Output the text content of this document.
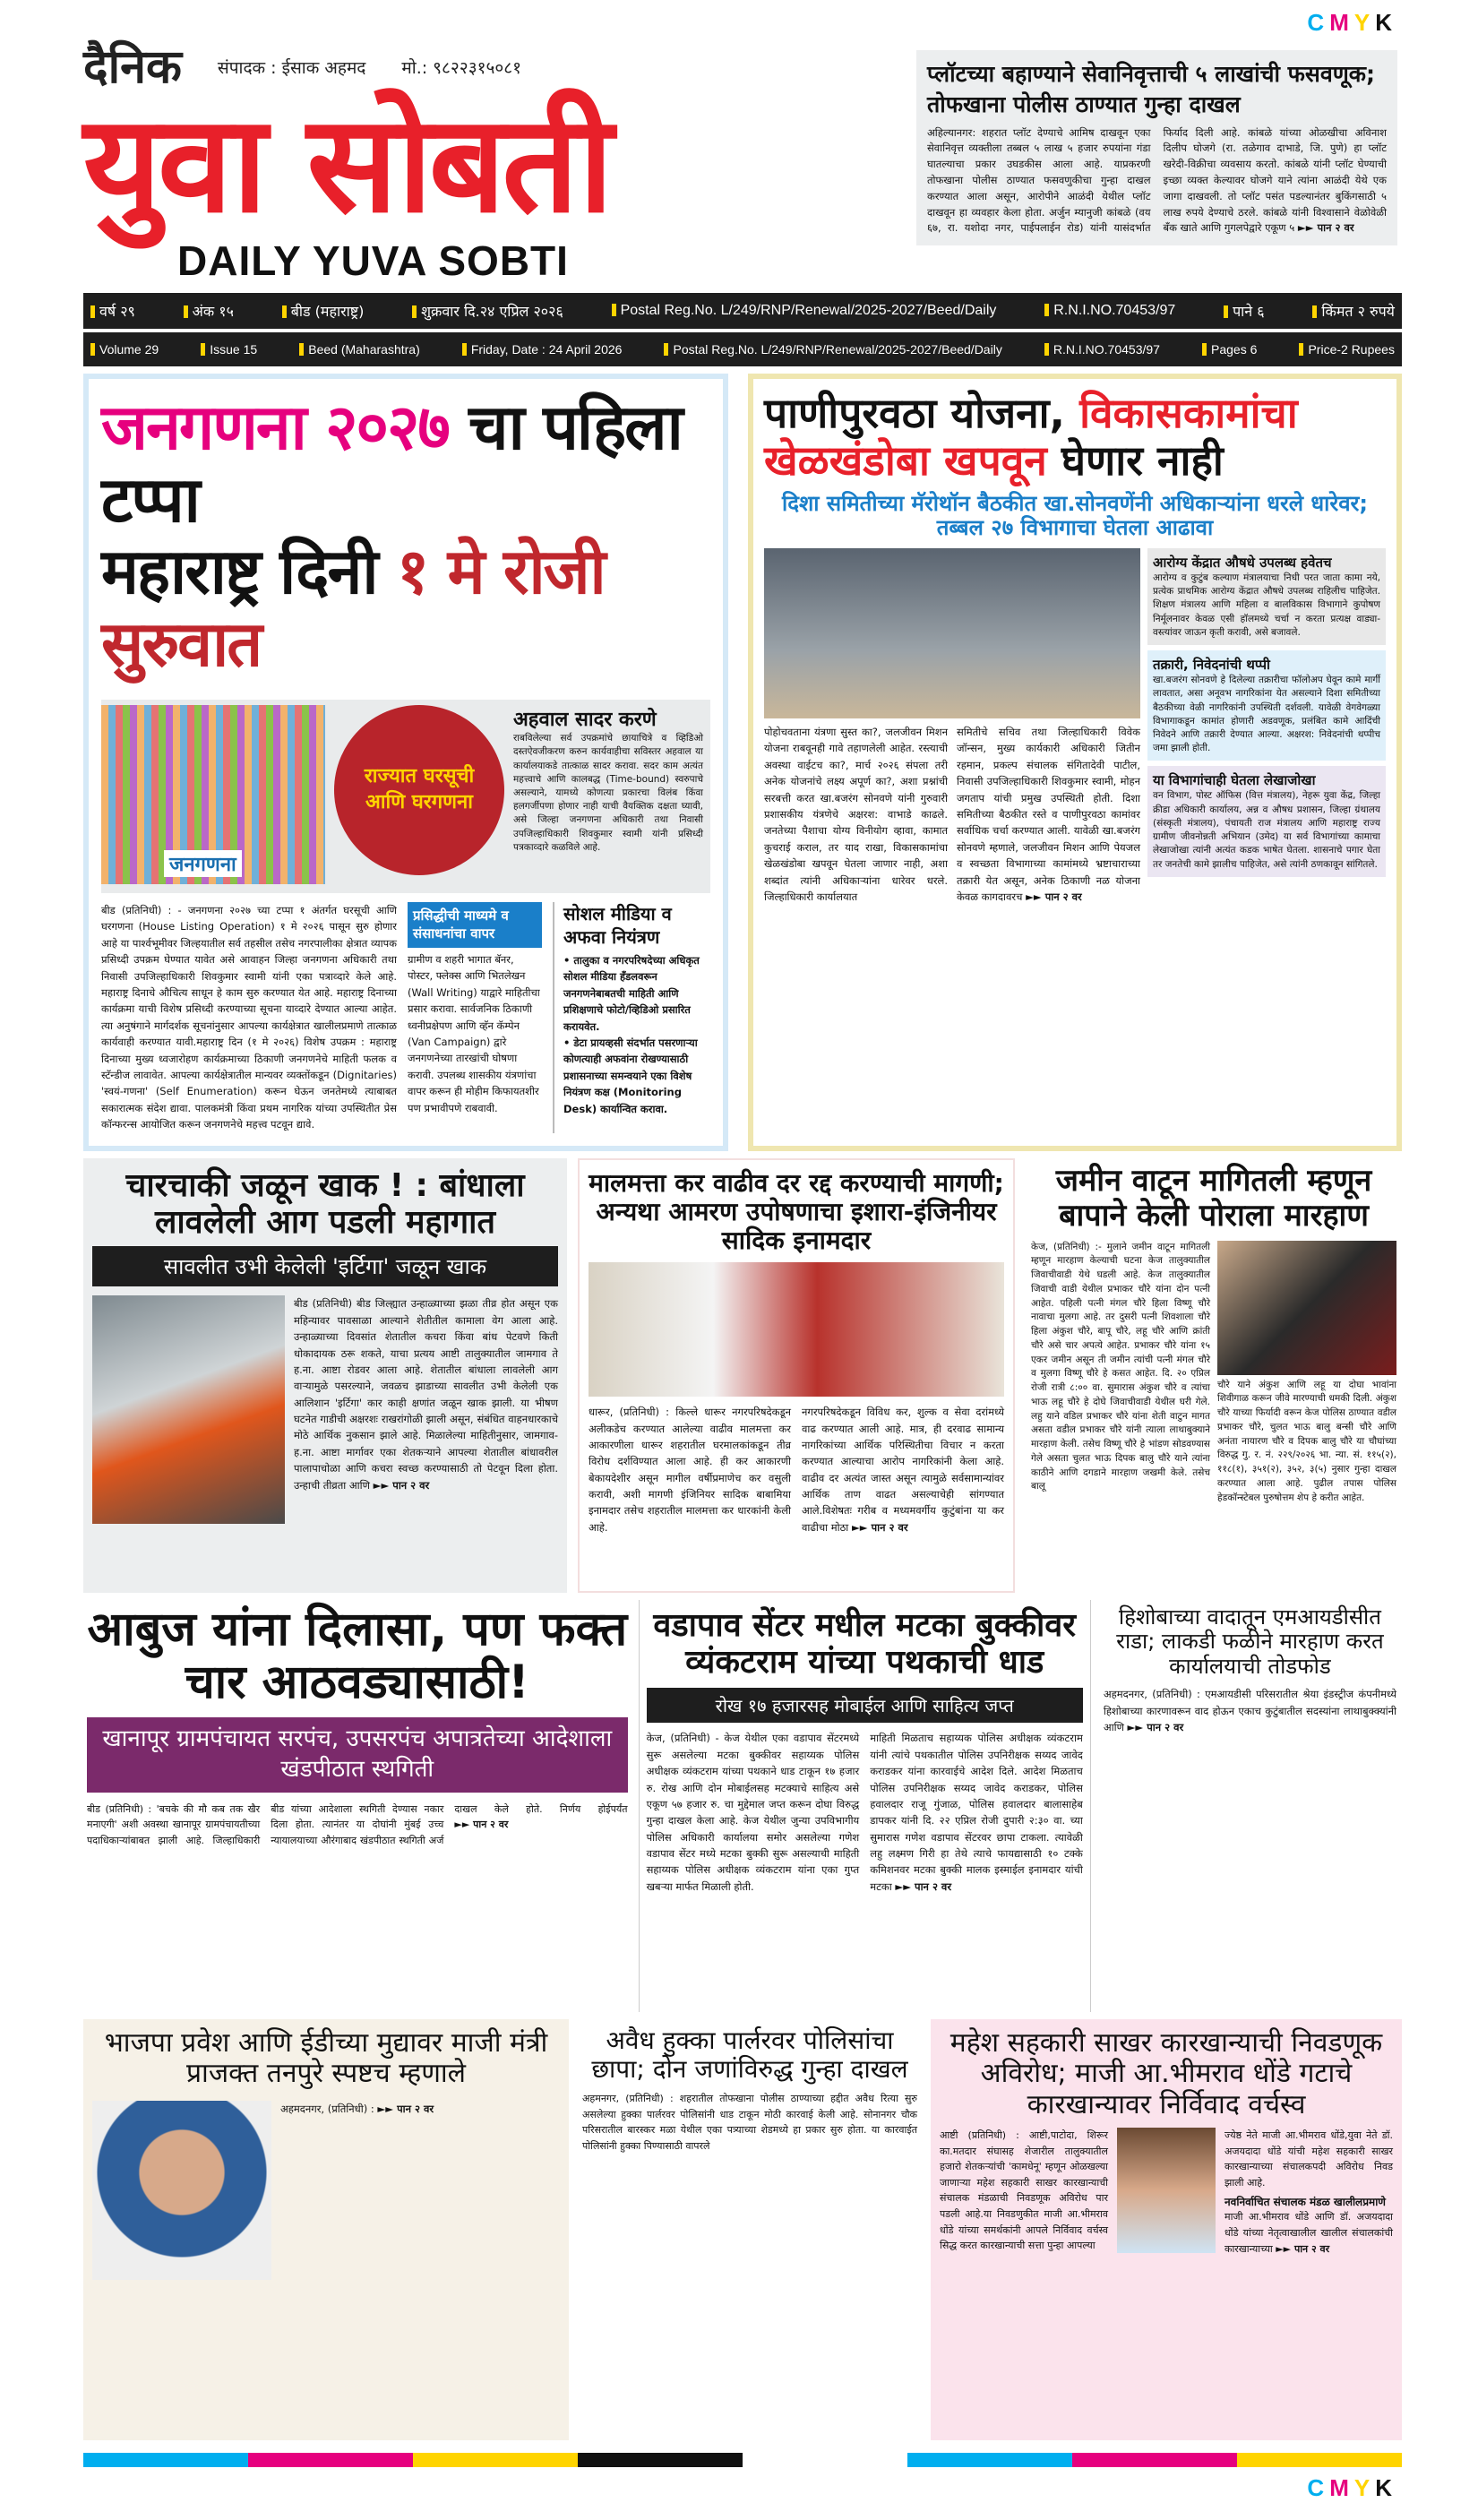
CMYK
दैनिक संपादक : ईसाक अहमद मो.: ९८२२३१५०८१
युवा सोबती
DAILY YUVA SOBTI
प्लॉटच्या बहाण्याने सेवानिवृत्ताची ५ लाखांची फसवणूक; तोफखाना पोलीस ठाण्यात गुन्हा दाखल
अहिल्यानगर: शहरात प्लॉट देण्याचे आमिष दाखवून एका सेवानिवृत्त व्यक्तीला तब्बल ५ लाख ५ हजार रुपयांना गंडा घातल्याचा प्रकार उघडकीस आला आहे. याप्रकरणी तोफखाना पोलीस ठाण्यात फसवणुकीचा गुन्हा दाखल करण्यात आला असून, आरोपीने आळंदी येथील प्लॉट दाखवून हा व्यवहार केला होता. अर्जुन म्यानुजी कांबळे (वय ६७, रा. यशोदा नगर, पाईपलाईन रोड) यांनी यासंदर्भात फिर्याद दिली आहे. कांबळे यांच्या ओळखीचा अविनाश दिलीप घोजगे (रा. तळेगाव दाभाडे, जि. पुणे) हा प्लॉट खरेदी-विक्रीचा व्यवसाय करतो. कांबळे यांनी प्लॉट घेण्याची इच्छा व्यक्त केल्यावर घोजगे याने त्यांना आळंदी येथे एक जागा दाखवली. तो प्लॉट पसंत पडल्यानंतर बुकिंगसाठी ५ लाख रुपये देण्याचे ठरले. कांबळे यांनी विश्वासाने वेळोवेळी बँक खाते आणि गुगलपेद्वारे एकूण ५ ►► पान २ वर
वर्ष २९	अंक १५	बीड (महाराष्ट्र)	शुक्रवार दि.२४ एप्रिल २०२६	Postal Reg.No. L/249/RNP/Renewal/2025-2027/Beed/Daily	R.N.I.NO.70453/97	पाने ६	किंमत २ रुपये
Volume 29	Issue 15	Beed (Maharashtra)	Friday, Date : 24 April 2026	Postal Reg.No. L/249/RNP/Renewal/2025-2027/Beed/Daily	R.N.I.NO.70453/97	Pages 6	Price-2 Rupees
जनगणना २०२७ चा पहिला टप्पा
महाराष्ट्र दिनी १ मे रोजी सुरुवात
जनगणना
राज्यात घरसूची आणि घरगणना
अहवाल सादर करणे
राबविलेल्या सर्व उपक्रमांचे छायाचित्रे व व्हिडिओ दस्तऐवजीकरण करुन कार्यवाहीचा सविस्तर अहवाल या कार्यालयाकडे तात्काळ सादर करावा. सदर काम अत्यंत महत्त्वाचे आणि कालबद्ध (Time-bound) स्वरुपाचे असल्याने, यामध्ये कोणत्या प्रकारचा विलंब किंवा हलगर्जीपणा होणार नाही याची वैयक्तिक दक्षता घ्यावी, असे जिल्हा जनगणना अधिकारी तथा निवासी उपजिल्हाधिकारी शिवकुमार स्वामी यांनी प्रसिध्दी पत्रकाव्दारे कळविले आहे.
बीड (प्रतिनिधी) : - जनगणना २०२७ च्या टप्पा १ अंतर्गत घरसूची आणि घरगणना (House Listing Operation) १ मे २०२६ पासून सुरु होणार आहे या पार्श्वभूमीवर जिल्हयातील सर्व तहसील तसेच नगरपालीका क्षेत्रात व्यापक प्रसिध्दी उपक्रम घेण्यात यावेत असे आवाहन जिल्हा जनगणना अधिकारी तथा निवासी उपजिल्हाधिकारी शिवकुमार स्वामी यांनी एका पत्राव्दारे केले आहे. महाराष्ट्र दिनाचे औचित्य साधून हे काम सुरु करण्यात येत आहे. महाराष्ट्र दिनाच्या कार्यक्रमा याची विशेष प्रसिध्दी करण्याच्या सूचना याव्दारे देण्यात आल्या आहेत. त्या अनुषंगाने मार्गदर्शक सूचनांनुसार आपल्या कार्यक्षेत्रात खालीलप्रमाणे तात्काळ कार्यवाही करण्यात यावी.महाराष्ट्र दिन (१ मे २०२६) विशेष उपक्रम : महाराष्ट्र दिनाच्या मुख्य ध्वजारोहण कार्यक्रमाच्या ठिकाणी जनगणनेचे माहिती फलक व स्टॅन्डीज लावावेत. आपल्या कार्यक्षेत्रातील मान्यवर व्यक्तोंकडून (Dignitaries) 'स्वयं-गणना' (Self Enumeration) करून घेऊन जनतेमध्ये त्याबाबत सकारात्मक संदेश द्यावा. पालकमंत्री किंवा प्रथम नागरिक यांच्या उपस्थितीत प्रेस कॉन्फरन्स आयोजित करून जनगणनेचे महत्त्व पटवून द्यावे.
प्रसिद्धीची माध्यमे व संसाधनांचा वापर
ग्रामीण व शहरी भागात बॅनर, पोस्टर, फ्लेक्स आणि भितलेखन (Wall Writing) याद्वारे माहितीचा प्रसार करावा. सार्वजनिक ठिकाणी ध्वनीप्रक्षेपण आणि व्हॅन कॅम्पेन (Van Campaign) द्वारे जनगणनेच्या तारखांची घोषणा करावी. उपलब्ध शासकीय यंत्रणांचा वापर करून ही मोहीम किफायतशीर पण प्रभावीपणे राबवावी.
सोशल मीडिया व अफवा नियंत्रण
• तालुका व नगरपरिषदेच्या अधिकृत सोशल मीडिया हँडलवरून जनगणनेबाबतची माहिती आणि प्रशिक्षणाचे फोटो/व्हिडिओ प्रसारित करायवेत.
• डेटा प्रायव्हसी संदर्भात पसरणाऱ्या कोणत्याही अफवांना रोखण्यासाठी प्रशासनाच्या समन्वयाने एका विशेष नियंत्रण कक्ष (Monitoring Desk) कार्यान्वित करावा.
पाणीपुरवठा योजना, विकासकामांचा
खेळखंडोबा खपवून घेणार नाही
दिशा समितीच्या मॅरोथॉन बैठकीत खा.सोनवणेंनी अधिकाऱ्यांना धरले धारेवर; तब्बल २७ विभागाचा घेतला आढावा
पोहोचवताना यंत्रणा सुस्त का?, जलजीवन मिशन योजना राबवूनही गावे तहाणलेली आहेत. रस्त्याची अवस्था वाईटच का?, मार्च २०२६ संपला तरी अनेक योजनांचे लक्ष्य अपूर्ण का?, अशा प्रश्नांची सरबत्ती करत खा.बजरंग सोनवणे यांनी गुरुवारी प्रशासकीय यंत्रणेचे अक्षरश: वाभाडे काढले. जनतेच्या पैशाचा योग्य विनीयोग व्हावा, कामात कुचराई कराल, तर याद राखा, विकासकामांचा खेळखंडोबा खपवून घेतला जाणार नाही, अशा शब्दांत त्यांनी अधिकाऱ्यांना धारेवर धरले. जिल्हाधिकारी कार्यालयात
समितीचे सचिव तथा जिल्हाधिकारी विवेक जॉन्सन, मुख्य कार्यकारी अधिकारी जितीन रहमान, प्रकल्प संचालक संगितादेवी पाटील, निवासी उपजिल्हाधिकारी शिवकुमार स्वामी, मोहन जगताप यांची प्रमुख उपस्थिती होती. दिशा समितीच्या बैठकीत रस्ते व पाणीपुरवठा कामांवर सर्वाधिक चर्चा करण्यात आली. यावेळी खा.बजरंग सोनवणे म्हणाले, जलजीवन मिशन आणि पेयजल व स्वच्छता विभागाच्या कामांमध्ये भ्रष्टाचाराच्या तक्रारी येत असून, अनेक ठिकाणी नळ योजना केवळ कागदावरच ►► पान २ वर
आरोग्य केंद्रात औषधे उपलब्ध हवेतच
आरोग्य व कुटुंब कल्याण मंत्रालयाचा निधी परत जाता कामा नये, प्रत्येक प्राथमिक आरोग्य केंद्रात औषधे उपलब्ध राहिलीच पाहिजेत. शिक्षण मंत्रालय आणि महिला व बालविकास विभागाने कुपोषण निर्मूलनावर केवळ एसी हॉलमध्ये चर्चा न करता प्रत्यक्ष वाड्या-वस्त्यांवर जाऊन कृती करावी, असे बजावले.
तक्रारी, निवेदनांची थप्पी
खा.बजरंग सोनवणे हे दिलेल्या तक्रारीचा फॉलोअप घेवून कामे मार्गी लावतात, असा अनूवभ नागरिकांना येत असल्याने दिशा समितीच्या बैठकीच्या वेळी नागरिकांनी उपस्थिती दर्शवली. यावेळी वेगवेगळ्या विभागाकडून कामांत होणारी अडवणूक, प्रलंबित कामे आदिंची निवेदने आणि तक्रारी देण्यात आल्या. अक्षरश: निवेदनांची थप्पीच जमा झाली होती.
या विभागांचाही घेतला लेखाजोखा
वन विभाग, पोस्ट ऑफिस (वित्त मंत्रालय), नेहरू युवा केंद्र, जिल्हा क्रीडा अधिकारी कार्यालय, अन्न व औषध प्रशासन, जिल्हा ग्रंथालय (संस्कृती मंत्रालय), पंचायती राज मंत्रालय आणि महाराष्ट्र राज्य ग्रामीण जीवनोन्नती अभियान (उमेद) या सर्व विभागांच्या कामाचा लेखाजोखा त्यांनी अत्यंत कडक भाषेत घेतला. शासनाचे पगार घेता तर जनतेची कामे झालीच पाहिजेत, असे त्यांनी ठणकावून सांगितले.
चारचाकी जळून खाक ! : बांधाला लावलेली आग पडली महागात
सावलीत उभी केलेली 'इर्टिगा' जळून खाक
बीड (प्रतिनिधी) बीड जिल्ह्यात उन्हाळ्याच्या झळा तीव्र होत असून एक महिन्यावर पावसाळा आल्याने शेतीतील कामाला वेग आला आहे. उन्हाळ्याच्या दिवसांत शेतातील कचरा किंवा बांध पेटवणे किती धोकादायक ठरू शकते, याचा प्रत्यय आष्टी तालुक्यातील जामगाव ते ह.ना. आष्टा रोडवर आला आहे. शेतातील बांधाला लावलेली आग वाऱ्यामुळे पसरल्याने, जवळच झाडाच्या सावलीत उभी केलेली एक आलिशान 'इर्टिगा' कार काही क्षणांत जळून खाक झाली. या भीषण घटनेत गाडीची अक्षरशः राखरांगोळी झाली असून, संबंधित वाहनधारकाचे मोठे आर्थिक नुकसान झाले आहे. मिळालेल्या माहितीनुसार, जामगाव-ह.ना. आष्टा मार्गावर एका शेतकऱ्याने आपल्या शेतातील बांधावरील पालापाचोळा आणि कचरा स्वच्छ करण्यासाठी तो पेटवून दिला होता. उन्हाची तीव्रता आणि ►► पान २ वर
मालमत्ता कर वाढीव दर रद्द करण्याची मागणी; अन्यथा आमरण उपोषणाचा इशारा-इंजिनीयर सादिक इनामदार
धारूर, (प्रतिनिधी) : किल्ले धारूर नगरपरिषदेकडून अलीकडेच करण्यात आलेल्या वाढीव मालमत्ता कर आकारणीला धारूर शहरातील घरमालकांकडून तीव्र विरोध दर्शविण्यात आला आहे. ही कर आकारणी बेकायदेशीर असून मागील वर्षीप्रमाणेच कर वसुली करावी, अशी मागणी इंजिनियर सादिक बाबामिया इनामदार तसेच शहरातील मालमत्ता कर धारकांनी केली आहे.
नगरपरिषदेकडून विविध कर, शुल्क व सेवा दरांमध्ये वाढ करण्यात आली आहे. मात्र, ही दरवाढ सामान्य नागरिकांच्या आर्थिक परिस्थितीचा विचार न करता करण्यात आल्याचा आरोप नागरिकांनी केला आहे. वाढीव दर अत्यंत जास्त असून त्यामुळे सर्वसामान्यांवर आर्थिक ताण वाढत असल्याचेही सांगण्यात आले.विशेषतः गरीब व मध्यमवर्गीय कुटुंबांना या कर वाढीचा मोठा ►► पान २ वर
जमीन वाटून मागितली म्हणून बापाने केली पोराला मारहाण
केज, (प्रतिनिधी) :- मुलाने जमीन वाटून मागितली म्हणून मारहाण केल्याची घटना केज तालुक्यातील जिवाचीवाडी येथे घडली आहे. केज तालुक्यातील जिवाची वाडी येथील प्रभाकर चौरे यांना दोन पत्नी आहेत. पहिली पत्नी मंगल चौरे हिला विष्णू चौरे नावाचा मुलगा आहे. तर दुसरी पत्नी शिवशाला चौरे हिला अंकुश चौरे, बापू चौरे, लहू चौरे आणि क्रांती चौरे असे चार अपत्ये आहेत. प्रभाकर चौरे यांना १५ एकर जमीन असून ती जमीन त्यांची पत्नी मंगल चौरे व मुलगा विष्णू चौरे हे कसत आहेत. दि. २० एप्रिल रोजी रात्री ८:०० वा. सुमारास अंकुश चौरे व त्यांचा भाऊ लहू चौरे हे दोघे जिवाचीवाडी येथील घरी गेले. लहु याने वडिल प्रभाकर चौरे यांना शेती वाटुन मागत असता वडील प्रभाकर चौरे यांनी त्याला लाथाबुक्याने मारहाण केली. तसेच विष्णू चौरे हे भांडण सोडवण्यास गेले असता चुलत भाऊ दिपक बालु चौरे याने त्यांना काठीने आणि दगडाने मारहाण जखमी केले. तसेच बालू
चौरे याने अंकुश आणि लहू या दोघा भावांना शिवीगाळ करून जीवे मारण्याची धमकी दिली. अंकुश चौरे याच्या फिर्यादी वरून केज पोलिस ठाण्यात वडील प्रभाकर चौरे, चुलत भाऊ बालु बन्सी चौरे आणि अनंता नायारण चौरे व दिपक बालु चौरे या चौघांच्या विरुद्ध गु. र. नं. २२९/२०२६ भा. न्या. सं. ११५(२), ११८(१), ३५१(२), ३५२, ३(५) नुसार गुन्हा दाखल करण्यात आला आहे. पुढील तपास पोलिस हेडकॉन्स्टेबल पुरुषोत्तम शेप हे करीत आहेत.
आबुज यांना दिलासा, पण फक्त चार आठवड्यासाठी!
खानापूर ग्रामपंचायत सरपंच, उपसरपंच अपात्रतेच्या आदेशाला खंडपीठात स्थगिती
बीड (प्रतिनिधी) : 'बचके की मौ कब तक खैर मनाएगी' अशी अवस्था खानापूर ग्रामपंचायतीच्या पदाधिकाऱ्यांबाबत झाली आहे. जिल्हाधिकारी बीड यांच्या आदेशाला स्थगिती देण्यास नकार दिला होता. त्यानंतर या दोघांनी मुंबई उच्च न्यायालयाच्या औरंगाबाद खंडपीठात स्थगिती अर्ज दाखल केले होते. निर्णय होईपर्यंत ►► पान २ वर
वडापाव सेंटर मधील मटका बुक्कीवर व्यंकटराम यांच्या पथकाची धाड
रोख १७ हजारसह मोबाईल आणि साहित्य जप्त
केज, (प्रतिनिधी) - केज येथील एका वडापाव सेंटरमध्ये सुरू असलेल्या मटका बुक्कीवर सहाय्यक पोलिस अधीक्षक व्यंकटराम यांच्या पथकाने धाड टाकून १७ हजार रु. रोख आणि दोन मोबाईलसह मटक्याचे साहित्य असे एकूण ५७ हजार रु. चा मुद्देमाल जप्त करून दोघा विरुद्ध गुन्हा दाखल केला आहे. केज येथील जुन्या उपविभागीय पोलिस अधिकारी कार्यालया समोर असलेल्या गणेश वडापाव सेंटर मध्ये मटका बुक्की सुरू असल्याची माहिती सहाय्यक पोलिस अधीक्षक व्यंकटराम यांना एका गुप्त खबऱ्या मार्फत मिळाली होती.
माहिती मिळताच सहाय्यक पोलिस अधीक्षक व्यंकटराम यांनी त्यांचे पथकातील पोलिस उपनिरीक्षक सय्यद जावेद कराडकर यांना कारवाईचे आदेश दिले. आदेश मिळताच पोलिस उपनिरीक्षक सय्यद जावेद कराडकर, पोलिस हवालदार राजू गुंजाळ, पोलिस हवालदार बालासाहेब डापकर यांनी दि. २२ एप्रिल रोजी दुपारी २:३० वा. च्या सुमारास गणेश वडापाव सेंटरवर छापा टाकला. त्यावेळी लहु लक्ष्मण गिरी हा तेथे त्याचे फायद्यासाठी १० टक्के कमिशनवर मटका बुक्की मालक इस्माईल इनामदार यांची मटका ►► पान २ वर
हिशोबाच्या वादातून एमआयडीसीत राडा; लाकडी फळीने मारहाण करत कार्यालयाची तोडफोड
अहमदनगर, (प्रतिनिधी) : एमआयडीसी परिसरातील श्रेया इंडस्ट्रीज कंपनीमध्ये हिशोबाच्या कारणावरून वाद होऊन एकाच कुटुंबातील सदस्यांना लाथाबुक्क्यांनी आणि ►► पान २ वर
भाजपा प्रवेश आणि ईडीच्या मुद्यावर माजी मंत्री प्राजक्त तनपुरे स्पष्टच म्हणाले
अहमदनगर, (प्रतिनिधी) : ►► पान २ वर
अवैध हुक्का पार्लरवर पोलिसांचा छापा; दोन जणांविरुद्ध गुन्हा दाखल
अहमनगर, (प्रतिनिधी) : शहरातील तोफखाना पोलीस ठाण्याच्या हद्दीत अवैध रित्या सुरु असलेल्या हुक्का पार्लरवर पोलिसांनी धाड टाकून मोठी कारवाई केली आहे. सोनानगर चौक परिसरातील बारस्कर मळा येथील एका पत्र्याच्या शेडमध्ये हा प्रकार सुरु होता. या कारवाईत पोलिसांनी हुक्का पिण्यासाठी वापरले
महेश सहकारी साखर कारखान्याची निवडणूक अविरोध; माजी आ.भीमराव धोंडे गटाचे कारखान्यावर निर्विवाद वर्चस्व
आष्टी (प्रतिनिधी) : आष्टी,पाटोदा, शिरूर का.मतदार संघासह शेजारील तालुक्यातील हजारो शेतकऱ्यांची 'कामधेनू' म्हणून ओळखल्या जाणाऱ्या महेश सहकारी साखर कारखान्याची संचालक मंडळाची निवडणूक अविरोध पार पडली आहे.या निवडणुकीत माजी आ.भीमराव धोंडे यांच्या समर्थकांनी आपले निर्विवाद वर्चस्व सिद्ध करत कारखान्याची सत्ता पुन्हा आपल्या
ज्येष्ठ नेते माजी आ.भीमराव धोंडे,युवा नेते डॉ. अजयदादा धोंडे यांची महेश सहकारी साखर कारखान्याच्या संचालकपदी अविरोध निवड झाली आहे.
नवनिर्वाचित संचालक मंडळ खालीलप्रमाणे
माजी आ.भीमराव धोंडे आणि डॉ. अजयदादा धोंडे यांच्या नेतृत्वाखालील खालील संचालकांची कारखान्याच्या ►► पान २ वर
CMYK
